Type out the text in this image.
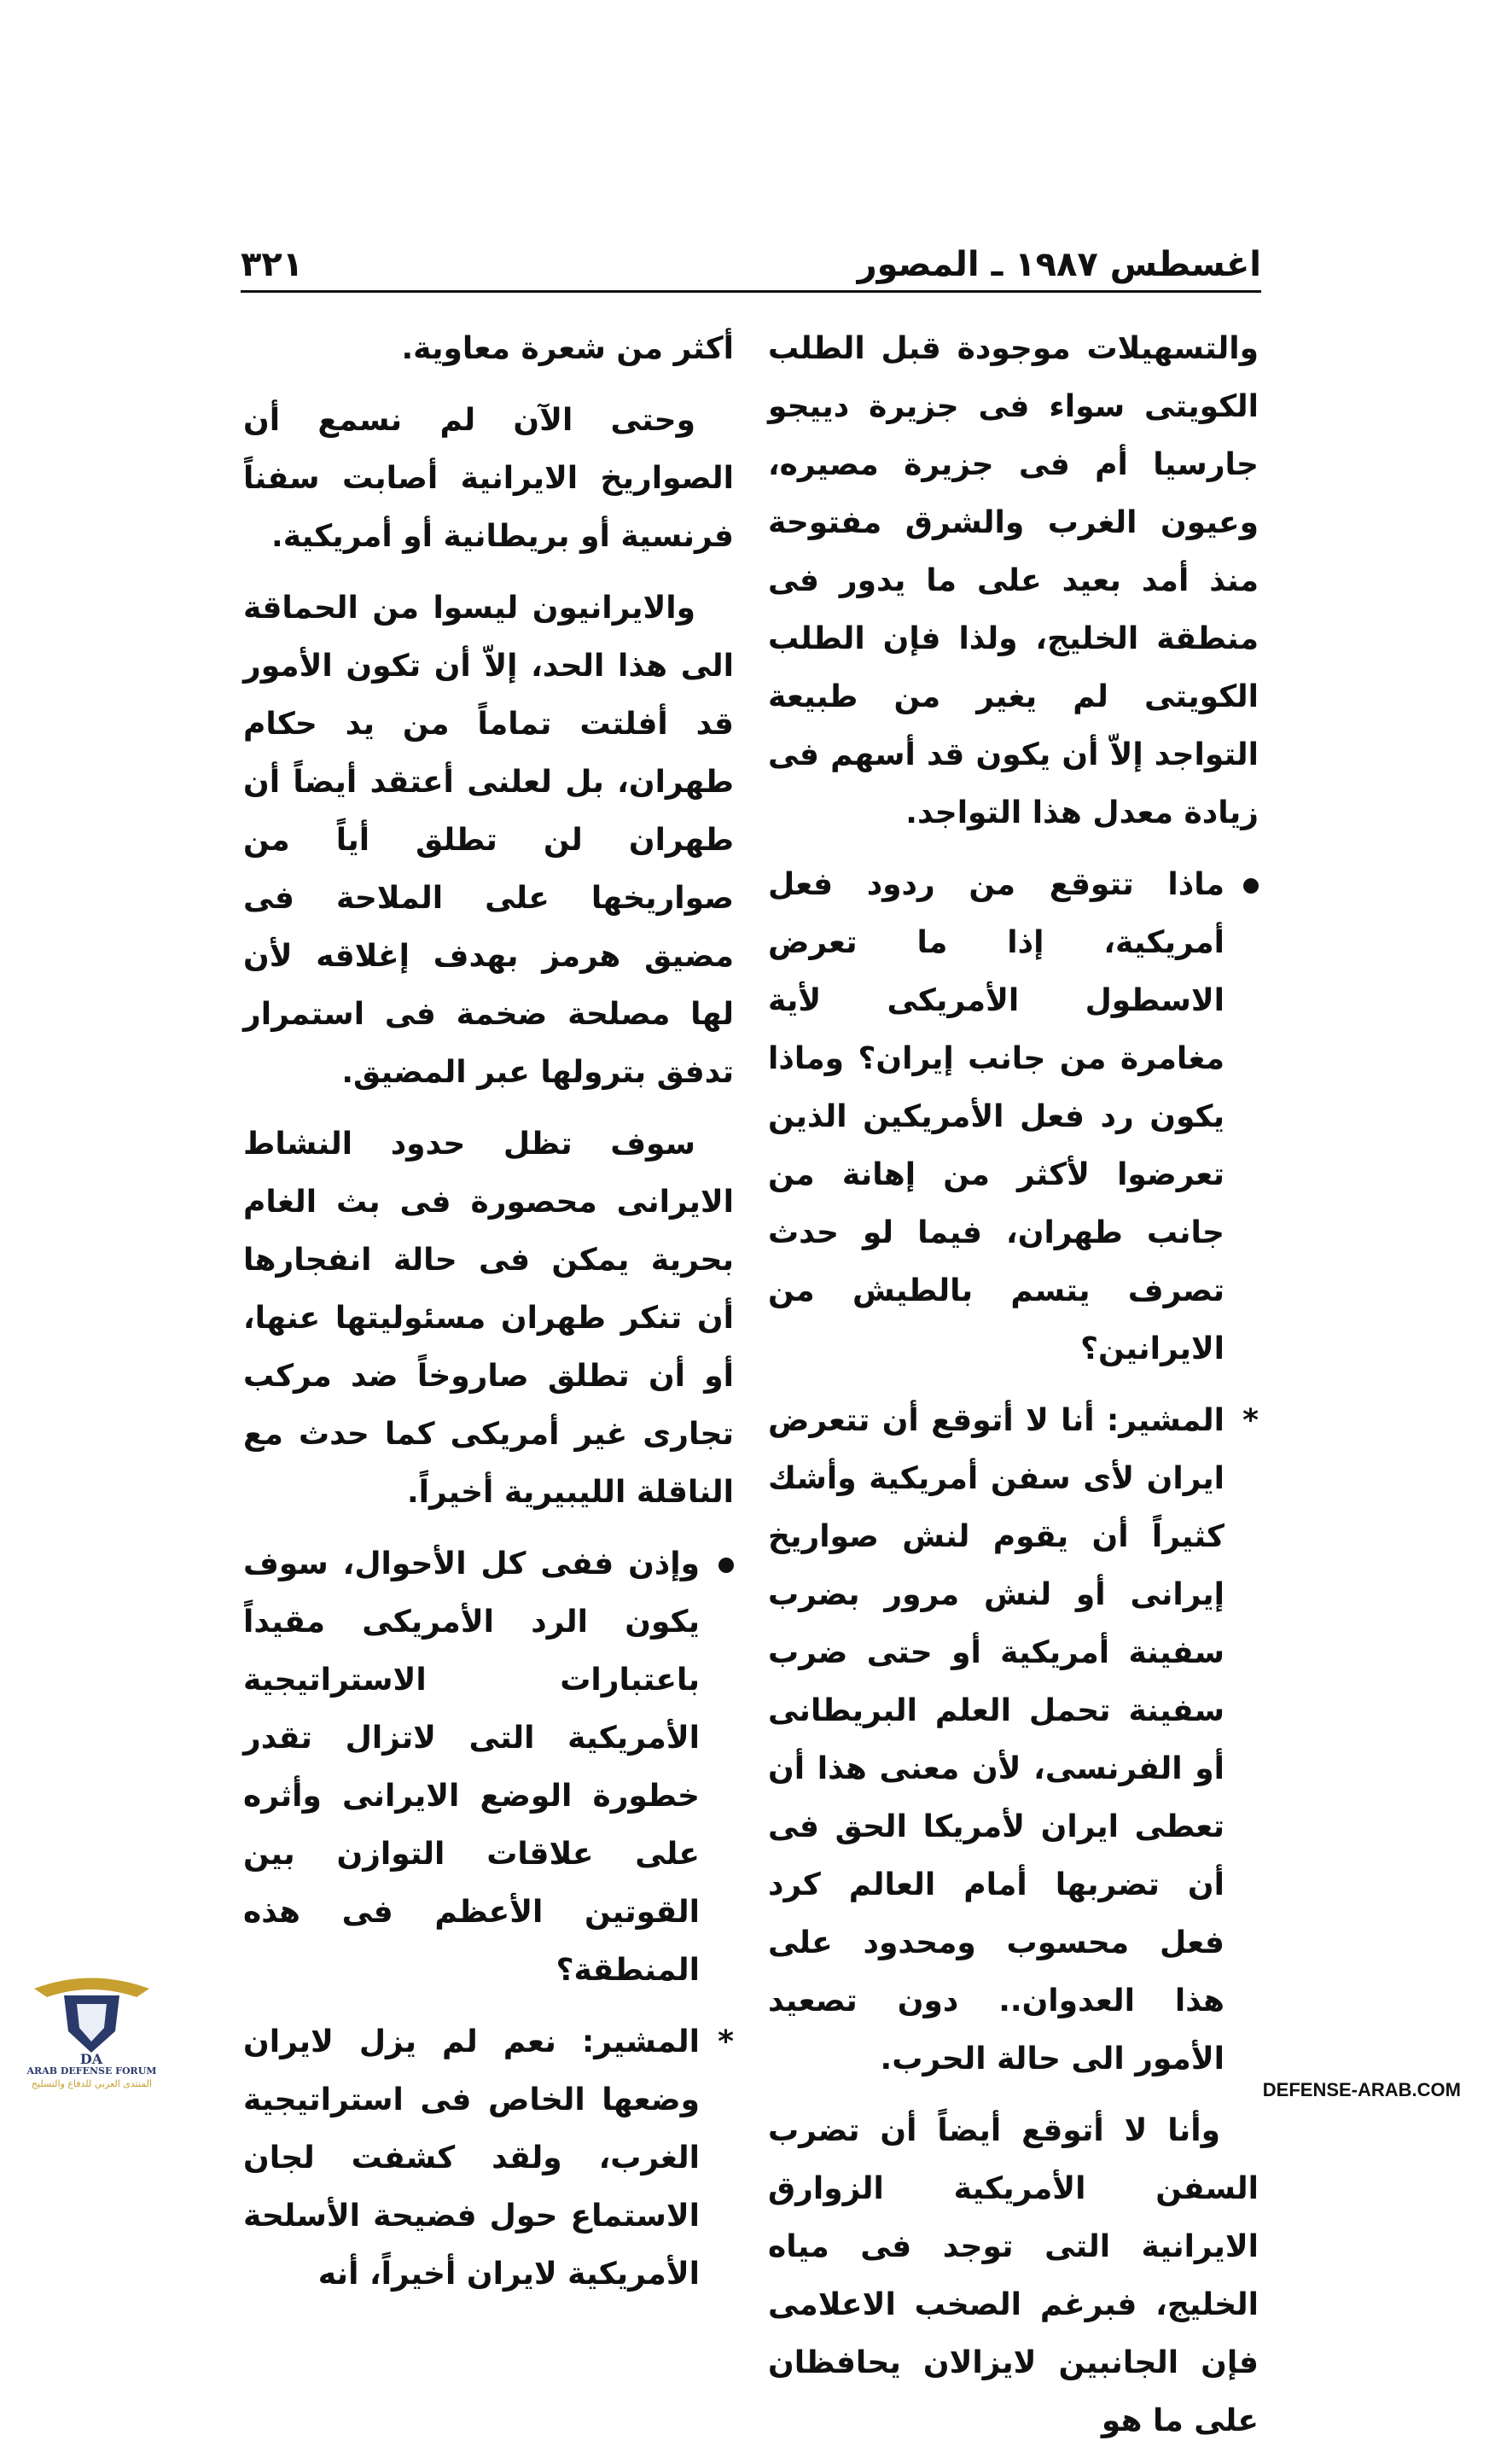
اغسطس ١٩٨٧ ـ المصور
٣٢١

والتسهيلات موجودة قبل الطلب الكويتى سواء فى جزيرة دييجو جارسيا أم فى جزيرة مصيره، وعيون الغرب والشرق مفتوحة منذ أمد بعيد على ما يدور فى منطقة الخليج، ولذا فإن الطلب الكويتى لم يغير من طبيعة التواجد إلاّ أن يكون قد أسهم فى زيادة معدل هذا التواجد.

ماذا تتوقع من ردود فعل أمريكية، إذا ما تعرض الاسطول الأمريكى لأية مغامرة من جانب إيران؟ وماذا يكون رد فعل الأمريكين الذين تعرضوا لأكثر من إهانة من جانب طهران، فيما لو حدث تصرف يتسم بالطيش من الايرانين؟

*المشير: أنا لا أتوقع أن تتعرض ايران لأى سفن أمريكية وأشك كثيراً أن يقوم لنش صواريخ إيرانى أو لنش مرور بضرب سفينة أمريكية أو حتى ضرب سفينة تحمل العلم البريطانى أو الفرنسى، لأن معنى هذا أن تعطى ايران لأمريكا الحق فى أن تضربها أمام العالم كرد فعل محسوب ومحدود على هذا العدوان.. دون تصعيد الأمور الى حالة الحرب.

وأنا لا أتوقع أيضاً أن تضرب السفن الأمريكية الزوارق الايرانية التى توجد فى مياه الخليج، فبرغم الصخب الاعلامى فإن الجانبين لايزالان يحافظان على ما هو

أكثر من شعرة معاوية.

وحتى الآن لم نسمع أن الصواريخ الايرانية أصابت سفناً فرنسية أو بريطانية أو أمريكية.

والايرانيون ليسوا من الحماقة الى هذا الحد، إلاّ أن تكون الأمور قد أفلتت تماماً من يد حكام طهران، بل لعلنى أعتقد أيضاً أن طهران لن تطلق أياً من صواريخها على الملاحة فى مضيق هرمز بهدف إغلاقه لأن لها مصلحة ضخمة فى استمرار تدفق بترولها عبر المضيق.

سوف تظل حدود النشاط الايرانى محصورة فى بث الغام بحرية يمكن فى حالة انفجارها أن تنكر طهران مسئوليتها عنها، أو أن تطلق صاروخاً ضد مركب تجارى غير أمريكى كما حدث مع الناقلة الليبيرية أخيراً.

وإذن ففى كل الأحوال، سوف يكون الرد الأمريكى مقيداً باعتبارات الاستراتيجية الأمريكية التى لاتزال تقدر خطورة الوضع الايرانى وأثره على علاقات التوازن بين القوتين الأعظم فى هذه المنطقة؟

*المشير: نعم لم يزل لايران وضعها الخاص فى استراتيجية الغرب، ولقد كشفت لجان الاستماع حول فضيحة الأسلحة الأمريكية لايران أخيراً، أنه

DA
ARAB DEFENSE FORUM
المنتدى العربي للدفاع والتسليح	DEFENSE-ARAB.COM
